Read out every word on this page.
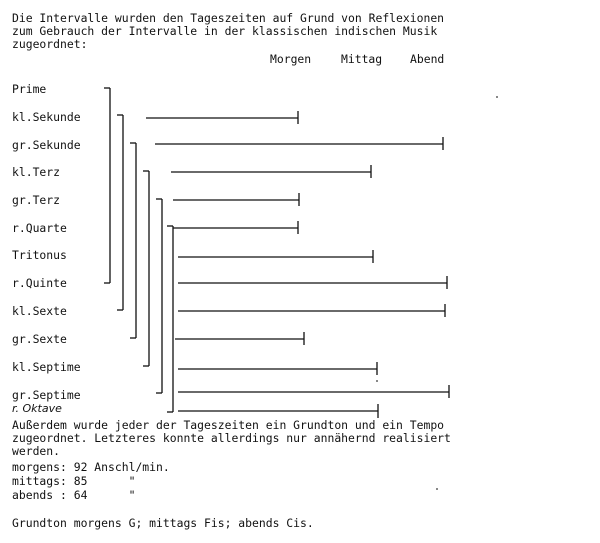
Die Intervalle wurden den Tageszeiten auf Grund von Reflexionen
zum Gebrauch der Intervalle in der klassischen indischen Musik
zugeordnet:
Morgen	Mittag Abend
Prime
kl.Sekunde
gr.Sekunde
kl.Terz
gr.Terz
r.Quarte
Tritonus
r.Quinte
kl.Sexte
gr.Sexte
kl.Septime
gr.Septime
r. Oktave
Außerdem wurde jeder der Tageszeiten ein Grundton und ein Tempo
zugeordnet. Letzteres konnte allerdings nur annähernd realisiert
werden.
morgens: 92 Anschl/min.
mittags: 85      "
abends : 64      "
Grundton morgens G; mittags Fis; abends Cis.
